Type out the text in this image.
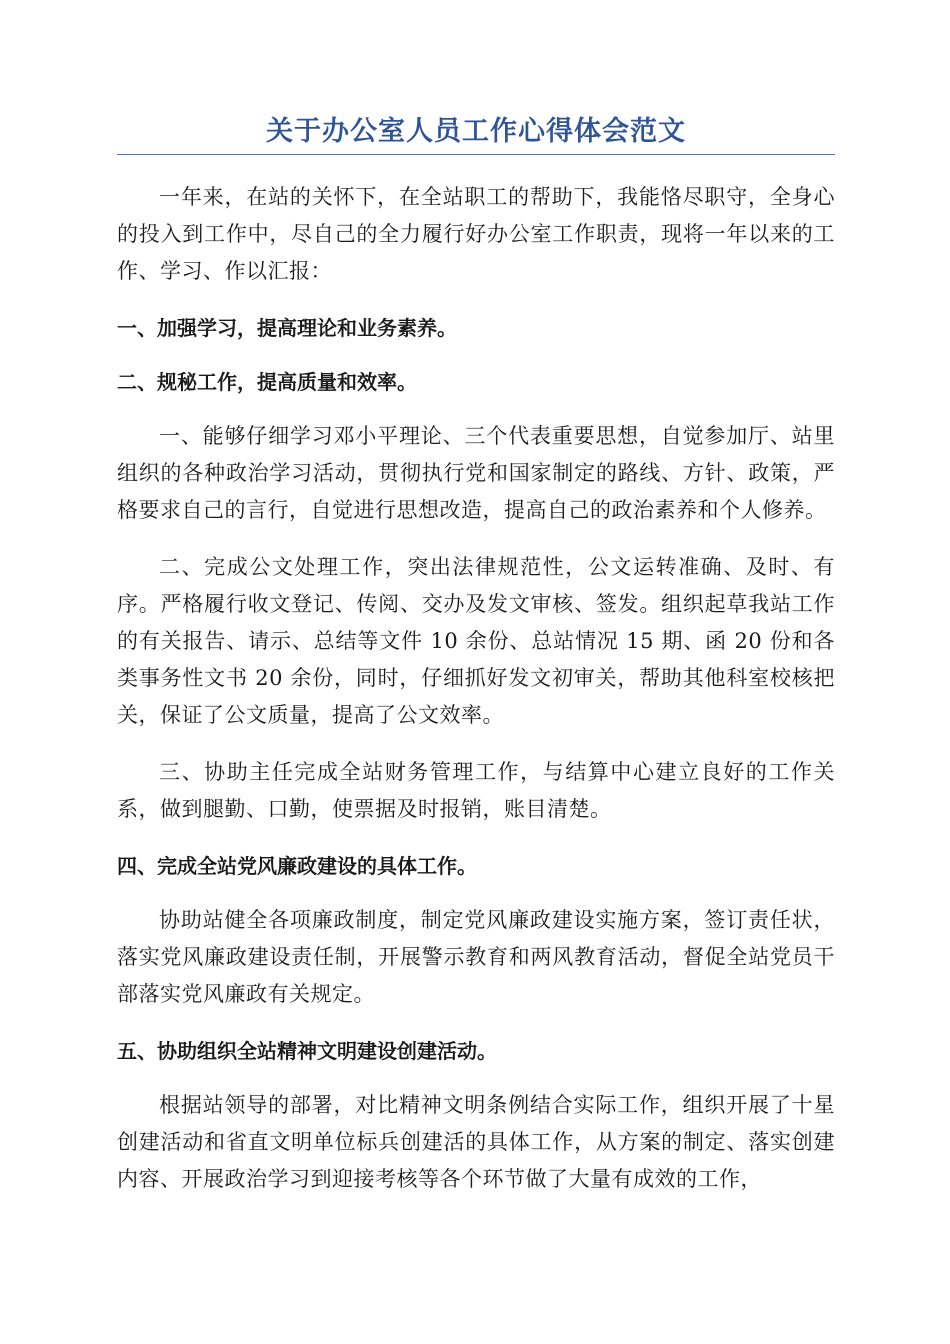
关于办公室人员工作心得体会范文

一年来，在站的关怀下，在全站职工的帮助下，我能恪尽职守，全身心的投入到工作中，尽自己的全力履行好办公室工作职责，现将一年以来的工作、学习、作以汇报：

一、加强学习，提高理论和业务素养。
二、规秘工作，提高质量和效率。

一、能够仔细学习邓小平理论、三个代表重要思想，自觉参加厅、站里组织的各种政治学习活动，贯彻执行党和国家制定的路线、方针、政策，严格要求自己的言行，自觉进行思想改造，提高自己的政治素养和个人修养。

二、完成公文处理工作，突出法律规范性，公文运转准确、及时、有序。严格履行收文登记、传阅、交办及发文审核、签发。组织起草我站工作的有关报告、请示、总结等文件 10 余份、总站情况 15 期、函 20 份和各类事务性文书 20 余份，同时，仔细抓好发文初审关，帮助其他科室校核把关，保证了公文质量，提高了公文效率。

三、协助主任完成全站财务管理工作，与结算中心建立良好的工作关系，做到腿勤、口勤，使票据及时报销，账目清楚。

四、完成全站党风廉政建设的具体工作。

协助站健全各项廉政制度，制定党风廉政建设实施方案，签订责任状，落实党风廉政建设责任制，开展警示教育和两风教育活动，督促全站党员干部落实党风廉政有关规定。

五、协助组织全站精神文明建设创建活动。

根据站领导的部署，对比精神文明条例结合实际工作，组织开展了十星创建活动和省直文明单位标兵创建活的具体工作，从方案的制定、落实创建内容、开展政治学习到迎接考核等各个环节做了大量有成效的工作，
